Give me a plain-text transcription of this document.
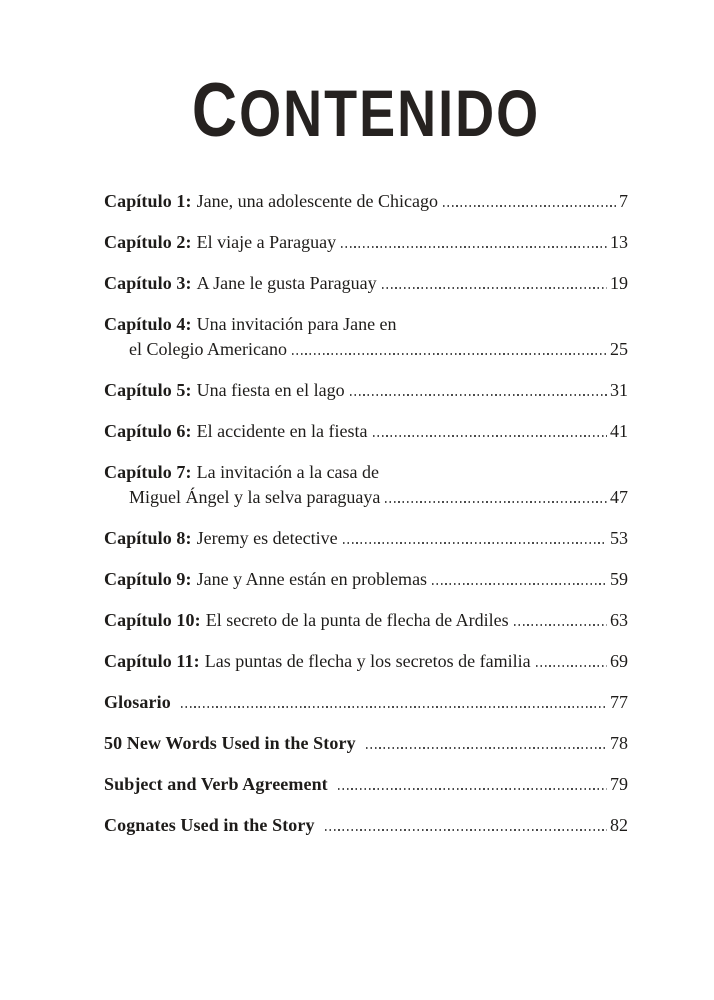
CONTENIDO
Capítulo 1: Jane, una adolescente de Chicago	7
Capítulo 2: El viaje a Paraguay	13
Capítulo 3: A Jane le gusta Paraguay	19
Capítulo 4: Una invitación para Jane en
el Colegio Americano	25
Capítulo 5: Una fiesta en el lago	31
Capítulo 6: El accidente en la fiesta	41
Capítulo 7: La invitación a la casa de
Miguel Ángel y la selva paraguaya	47
Capítulo 8: Jeremy es detective	53
Capítulo 9: Jane y Anne están en problemas	59
Capítulo 10: El secreto de la punta de flecha de Ardiles	63
Capítulo 11: Las puntas de flecha y los secretos de familia	69
Glosario	77
50 New Words Used in the Story	78
Subject and Verb Agreement	79
Cognates Used in the Story	82
